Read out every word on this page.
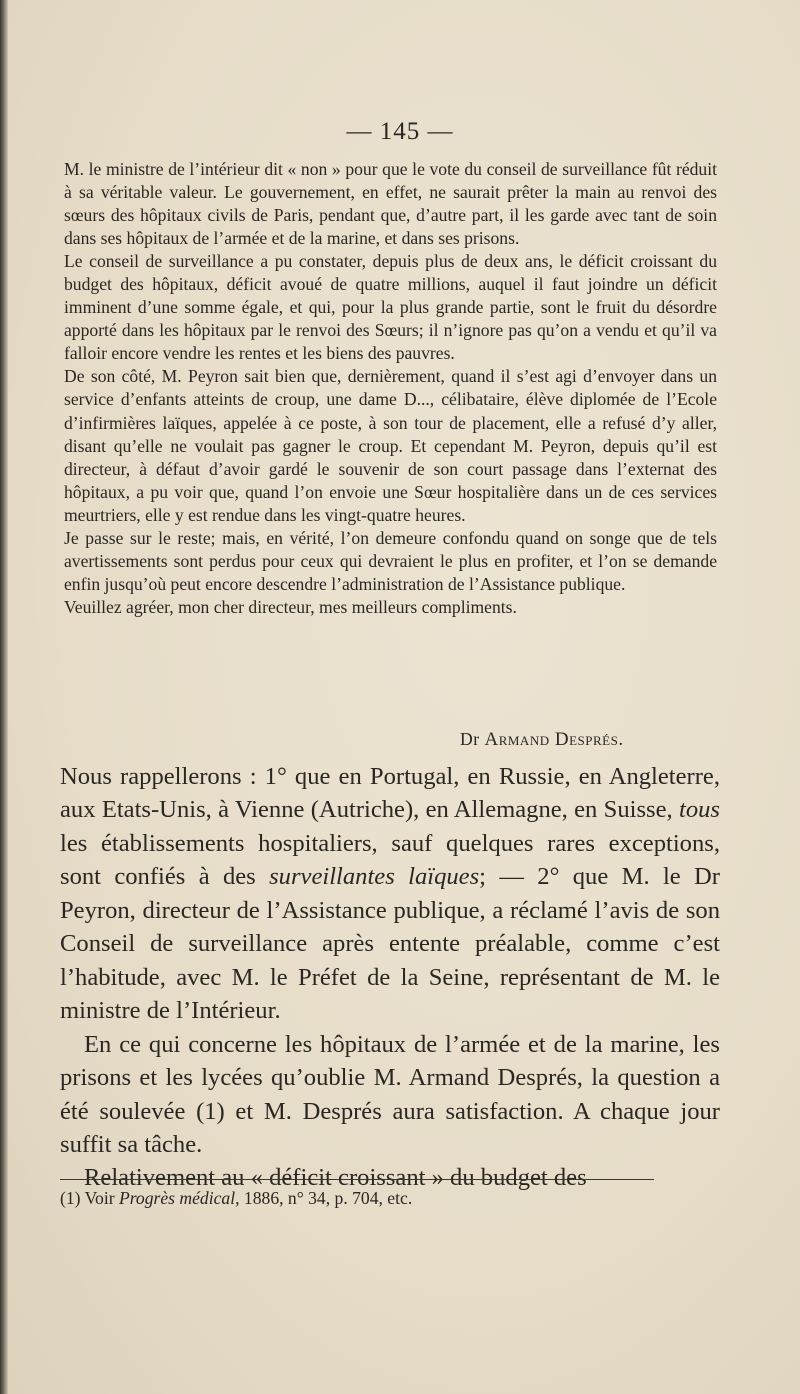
— 145 —

M. le ministre de l’intérieur dit « non » pour que le vote du conseil de surveillance fût réduit à sa véritable valeur. Le gouvernement, en effet, ne saurait prêter la main au renvoi des sœurs des hôpitaux civils de Paris, pendant que, d’autre part, il les garde avec tant de soin dans ses hôpitaux de l’armée et de la marine, et dans ses prisons.

Le conseil de surveillance a pu constater, depuis plus de deux ans, le déficit croissant du budget des hôpitaux, déficit avoué de quatre millions, auquel il faut joindre un déficit imminent d’une somme égale, et qui, pour la plus grande partie, sont le fruit du désordre apporté dans les hôpitaux par le renvoi des Sœurs; il n’ignore pas qu’on a vendu et qu’il va falloir encore vendre les rentes et les biens des pauvres.

De son côté, M. Peyron sait bien que, dernièrement, quand il s’est agi d’envoyer dans un service d’enfants atteints de croup, une dame D..., célibataire, élève diplomée de l’Ecole d’infirmières laïques, appelée à ce poste, à son tour de placement, elle a refusé d’y aller, disant qu’elle ne voulait pas gagner le croup. Et cependant M. Peyron, depuis qu’il est directeur, à défaut d’avoir gardé le souvenir de son court passage dans l’externat des hôpitaux, a pu voir que, quand l’on envoie une Sœur hospitalière dans un de ces services meurtriers, elle y est rendue dans les vingt-quatre heures.

Je passe sur le reste; mais, en vérité, l’on demeure confondu quand on songe que de tels avertissements sont perdus pour ceux qui devraient le plus en profiter, et l’on se demande enfin jusqu’où peut encore descendre l’administration de l’Assistance publique.

Veuillez agréer, mon cher directeur, mes meilleurs compliments.

Dr Armand Després.

Nous rappellerons : 1° que en Portugal, en Russie, en Angleterre, aux Etats-Unis, à Vienne (Autriche), en Allemagne, en Suisse, tous les établissements hospitaliers, sauf quelques rares exceptions, sont confiés à des surveillantes laïques; — 2° que M. le Dr Peyron, directeur de l’Assistance publique, a réclamé l’avis de son Conseil de surveillance après entente préalable, comme c’est l’habitude, avec M. le Préfet de la Seine, représentant de M. le ministre de l’Intérieur.

En ce qui concerne les hôpitaux de l’armée et de la marine, les prisons et les lycées qu’oublie M. Armand Després, la question a été soulevée (1) et M. Després aura satisfaction. A chaque jour suffit sa tâche.

Relativement au « déficit croissant » du budget des

(1) Voir Progrès médical, 1886, n° 34, p. 704, etc.
